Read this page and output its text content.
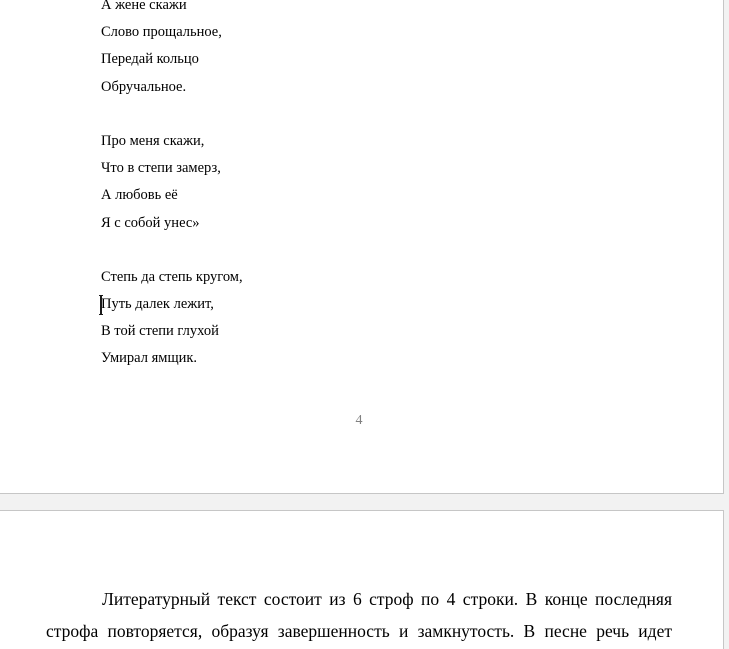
А жене скажи
Слово прощальное,
Передай кольцо
Обручальное.
Про меня скажи,
Что в степи замерз,
А любовь её
Я с собой унес»
Степь да степь кругом,
Путь далек лежит,
В той степи глухой
Умирал ямщик.
4
Литературный текст состоит из 6 строф по 4 строки. В конце последняя
строфа повторяется, образуя завершенность и замкнутость. В песне речь идет
